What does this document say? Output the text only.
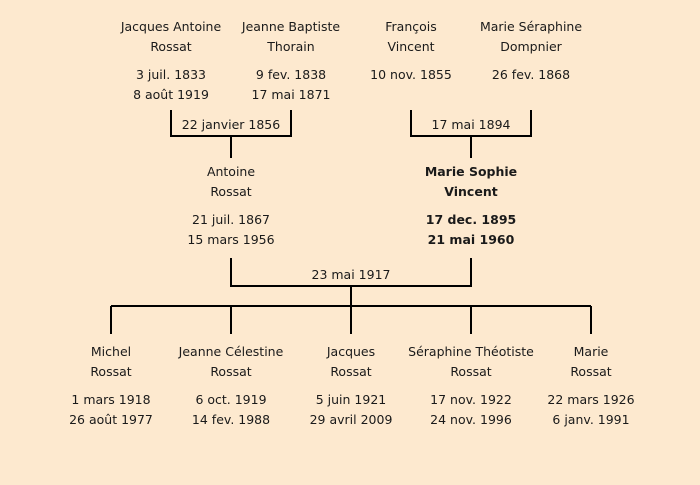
Jacques Antoine
Rossat
3 juil. 1833
8 août 1919
Jeanne Baptiste
Thorain
9 fev. 1838
17 mai 1871
François
Vincent
10 nov. 1855
Marie Séraphine
Dompnier
26 fev. 1868
22 janvier 1856	17 mai 1894
Antoine
Rossat
21 juil. 1867
15 mars 1956
Marie Sophie
Vincent
17 dec. 1895
21 mai 1960
23 mai 1917
Michel
Rossat
1 mars 1918
26 août 1977
Jeanne Célestine
Rossat
6 oct. 1919
14 fev. 1988
Jacques
Rossat
5 juin 1921
29 avril 2009
Séraphine Théotiste
Rossat
17 nov. 1922
24 nov. 1996
Marie
Rossat
22 mars 1926
6 janv. 1991
